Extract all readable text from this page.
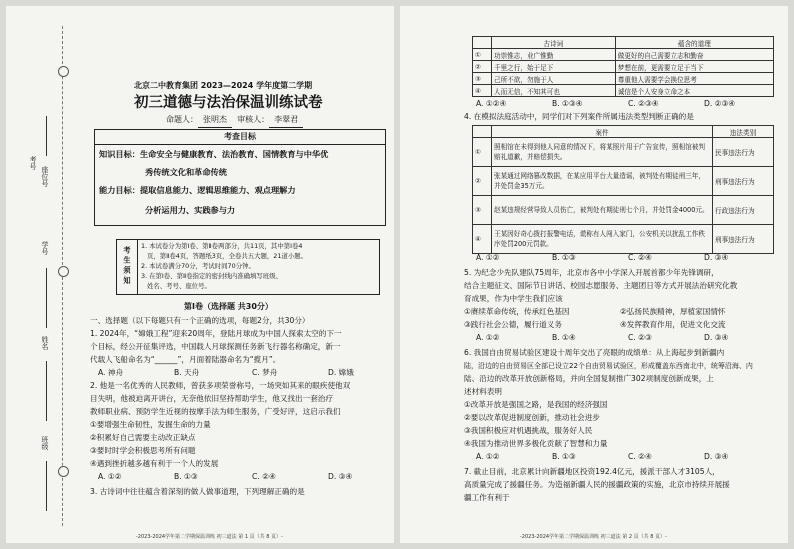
考号
座位号
学号
姓名
班级
北京二中教育集团 2023—2024 学年度第二学期
初三道德与法治保温训练试卷
命题人： 张明杰 审核人： 李翠君
考查目标
知识目标：生命安全与健康教育、法治教育、国情教育与中华优
秀传统文化和革命传统
能力目标：提取信息能力、逻辑思维能力、观点理解力
分析运用力、实践参与力
考生须知 1. 本试卷分为第Ⅰ卷、第Ⅱ卷两部分，共11页，其中第Ⅰ卷4
页，第Ⅱ卷4页，答题纸3页，全卷共五大题，21道小题。
2. 本试卷满分70分，考试时间70分钟。
3. 在第Ⅰ卷、第Ⅱ卷指定的密封线内准确填写班级、
姓名、考号、座位号。
第Ⅰ卷（选择题 共30分）
一、选择题（以下每题只有一个正确的选项，每题2分，共30分）
1. 2024年，“嫦娥工程”迎来20周年，登陆月球成为中国人探索太空的下一
个目标，经公开征集评选，中国载人月球探测任务新飞行器名称确定，新一
代载人飞船命名为“______”，月面着陆器命名为“揽月”。
A. 神舟	B. 天舟	C. 梦舟	D. 嫦娥
2. 他是一名优秀的人民教师，曾获多项荣誉称号，一场突如其来的眼疾使他双
目失明，他被迫离开讲台，无奈他依旧坚持帮助学生，他又找出一套治疗
教师职业病、预防学生近视的按摩手法为师生服务，广受好评，这启示我们
①要增强生命韧性，发掘生命的力量
②积累好自己需要主动改正缺点
③要时时学会积极思考所有问题
④遇到挫折越多越有利于一个人的发展
A. ①②	B. ①③	C. ②④	D. ③④
3. 古诗词中往往蕴含着深刻的做人做事道理，下列理解正确的是
-2023-2024学年第二学期保温训练 初三道法 第 1 页（共 8 页）-
	古诗词	蕴含的道理
①	功崇惟志，业广惟勤	做更好的自己需要立志和勤奋
②	千里之行，始于足下	梦想在前，更需要立足于当下
③	己所不欲，勿施于人	尊重他人需要学会换位思考
④	人而无信，不知其可也	诚信是个人安身立命之本
A. ①②④	B. ①③④	C. ②③④	D. ②③④
4. 在模拟法庭活动中，同学们对下列案件所属违法类型判断正确的是
	案件	违法类别
①	照相馆在未得到他人同意的情况下，将某照片用于广告宣传，照相馆被判赔礼道歉，并赔偿损失。	民事违法行为
②	张某通过网络篡改数据，在某应用平台大量造谣，被判处有期徒刑三年，并处罚金35万元。	刑事违法行为
③	赵某违规经营导致人员伤亡，被判处有期徒刑七个月，并处罚金4000元。	行政违法行为
④	王某因好奇心拨打报警电话，谎称有人闯入家门，公安机关以扰乱工作秩序处罚200元罚款。	刑事违法行为
A. ①②	B. ①③	C. ②④	D. ③④
5. 为纪念少先队建队75周年，北京市各中小学深入开展首都少年先锋调研，
结合主题征文、国际节日讲话、校园志愿服务、主题团日等方式开展法治研究化教
育成果，作为中学生我们应该
①赓续革命传统，传承红色基因	②弘扬民族精神，厚植家国情怀
③践行社会公德，履行道义务	④发挥教育作用，促进文化交流
A. ①②	B. ①④	C. ②③	D. ③④
6. 我国自由贸易试验区建设十周年交出了亮眼的成绩单：从上海起步到新疆内
陆，沿边的自由贸易区全部已设立22个自由贸易试验区，形成覆盖东西南北中，统筹沿海、内
陆、沿边的改革开放创新格局，并向全国复制推广302项制度创新成果，上
述材料表明
①改革开放是强国之路，是我国的经济强国
②要以改革促进制度创新，推动社会进步
③我国积极应对机遇挑战，服务好人民
④我国为推动世界多极化贡献了智慧和力量
A. ①②	B. ①③	C. ②④	D. ③④
7. 截止目前，北京累计向新疆地区投资192.4亿元，援派干部人才3105人，
高质量完成了援疆任务。为造福新疆人民的援疆政策的实施，北京市持续开展援
疆工作有利于
-2023-2024学年第二学期保温训练 初三道法 第 2 页（共 8 页）-
